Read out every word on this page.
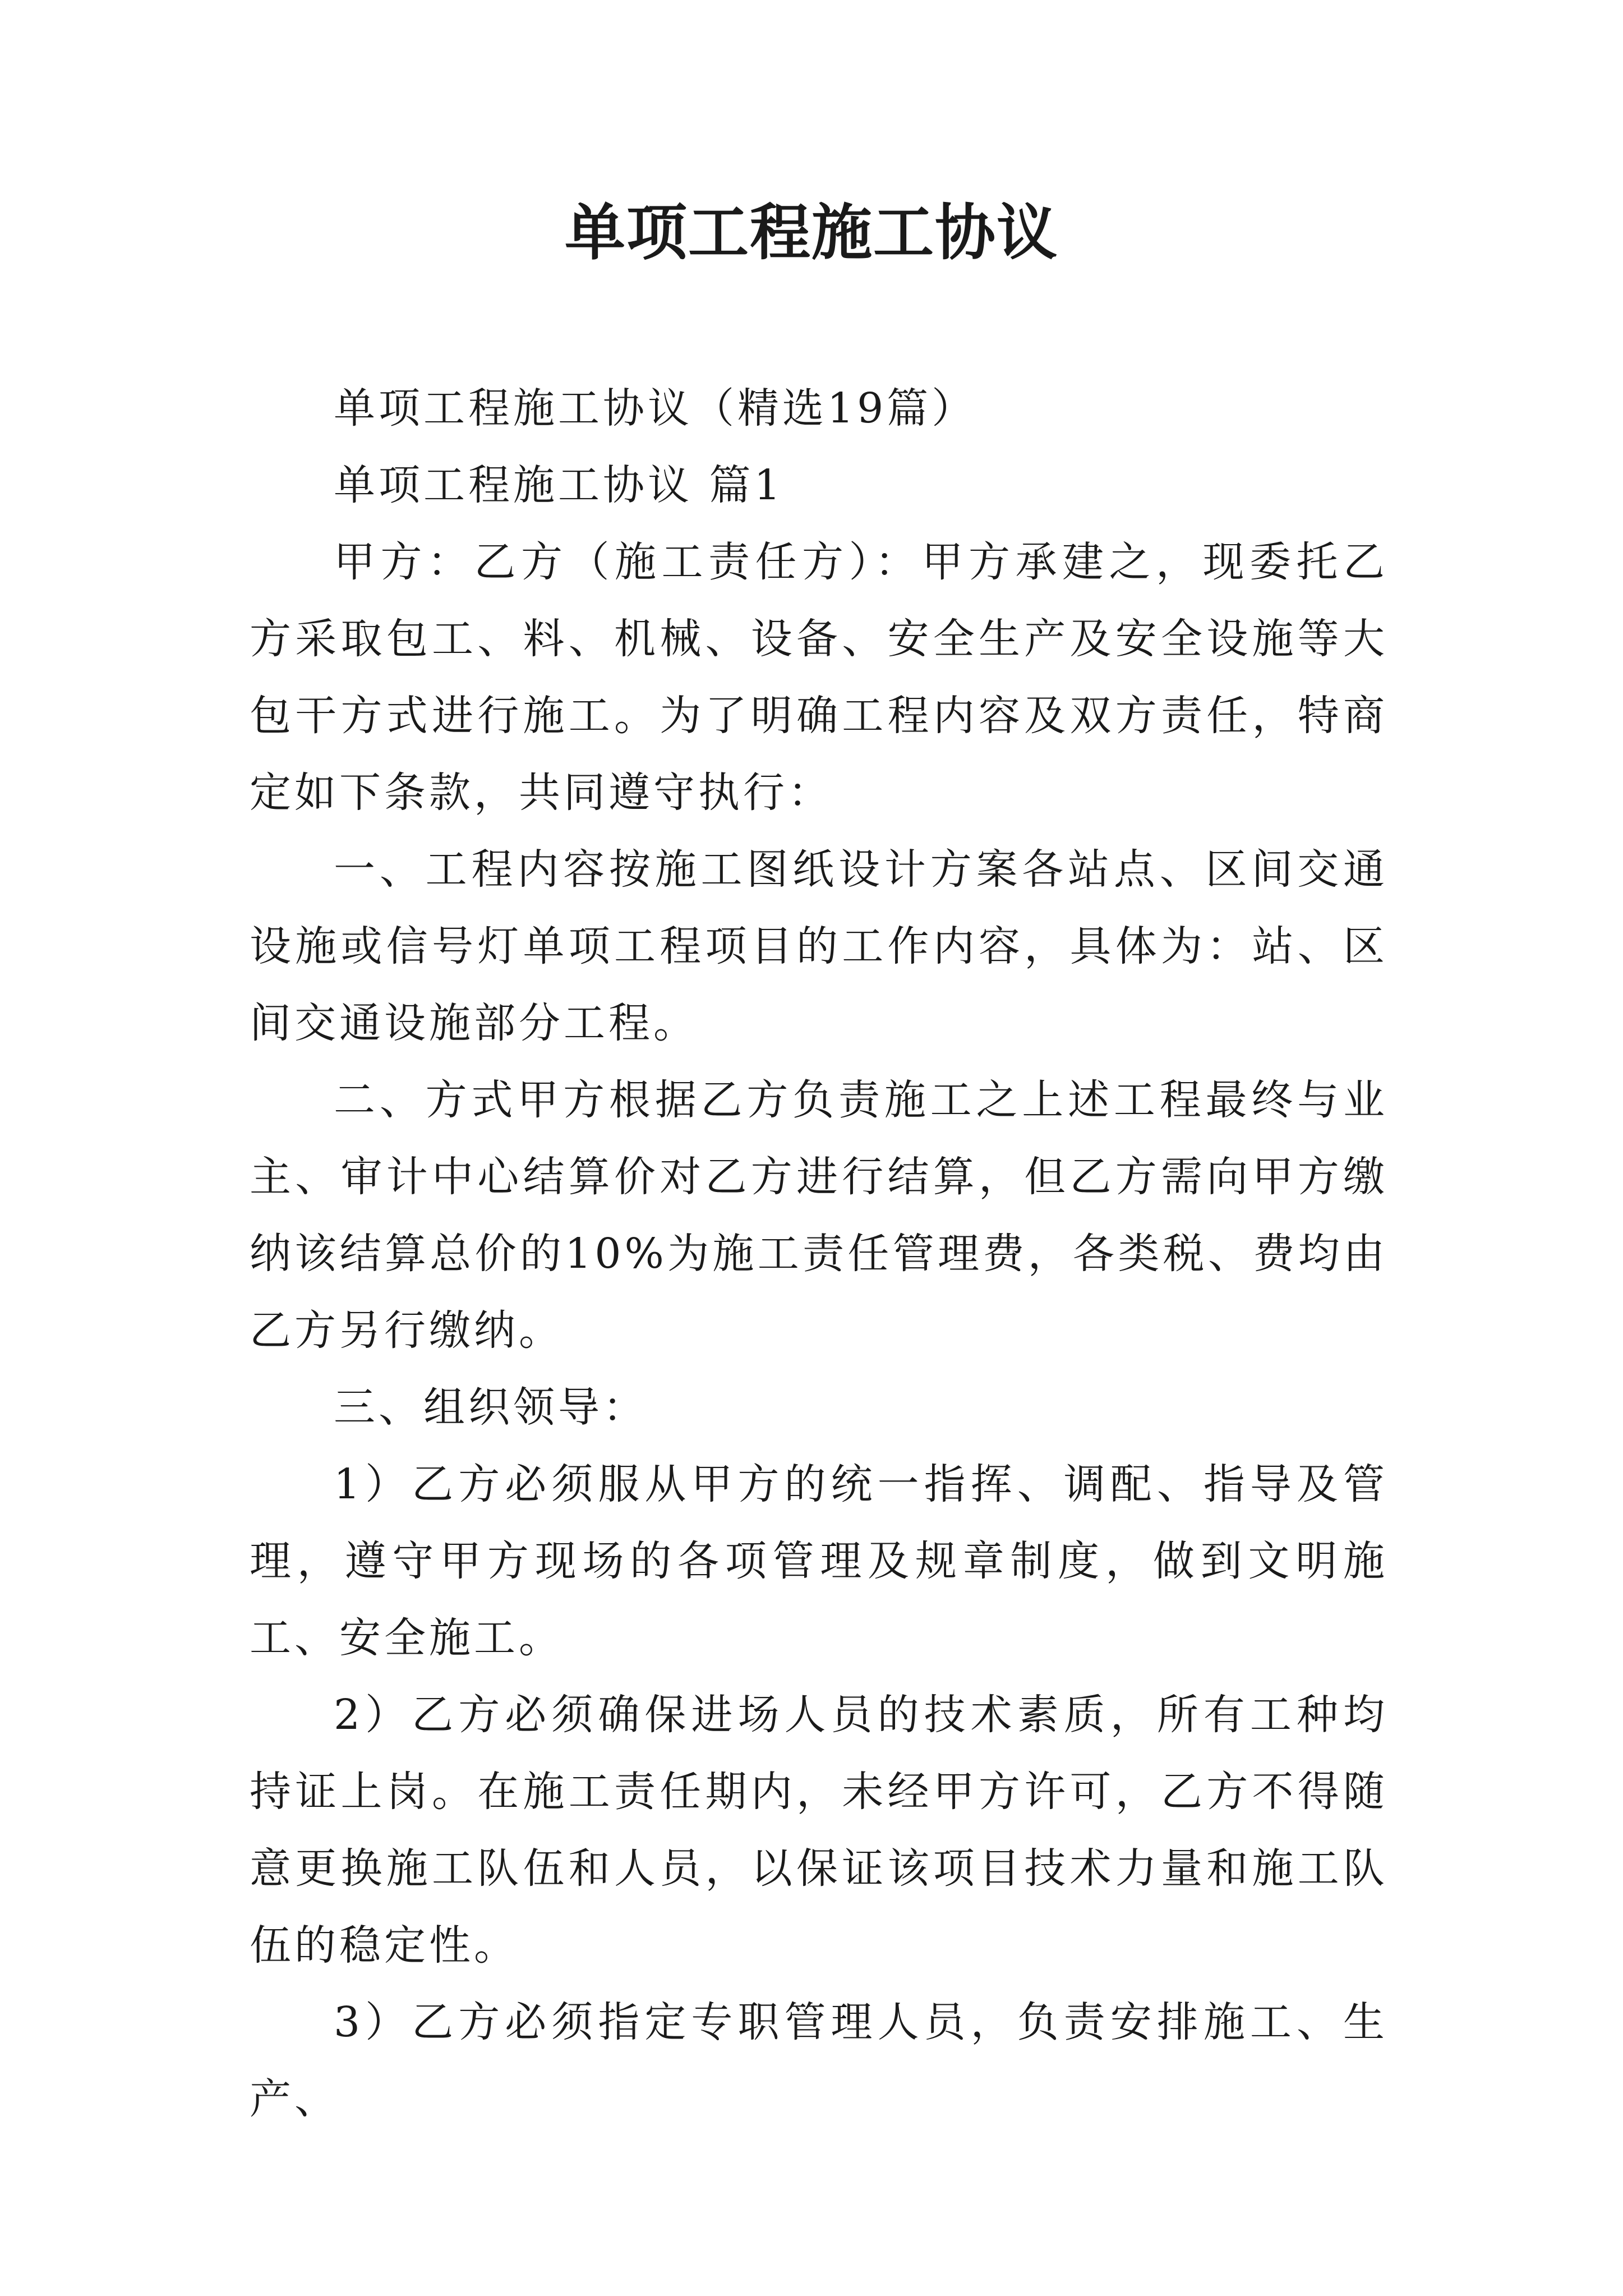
单项工程施工协议

单项工程施工协议（精选19篇）

单项工程施工协议 篇1

甲方：乙方（施工责任方）：甲方承建之，现委托乙方采取包工、料、机械、设备、安全生产及安全设施等大包干方式进行施工。为了明确工程内容及双方责任，特商定如下条款，共同遵守执行：

一、工程内容按施工图纸设计方案各站点、区间交通设施或信号灯单项工程项目的工作内容，具体为：站、区间交通设施部分工程。

二、方式甲方根据乙方负责施工之上述工程最终与业主、审计中心结算价对乙方进行结算，但乙方需向甲方缴纳该结算总价的10%为施工责任管理费，各类税、费均由乙方另行缴纳。

三、组织领导：

1）乙方必须服从甲方的统一指挥、调配、指导及管理，遵守甲方现场的各项管理及规章制度，做到文明施工、安全施工。

2）乙方必须确保进场人员的技术素质，所有工种均持证上岗。在施工责任期内，未经甲方许可，乙方不得随意更换施工队伍和人员，以保证该项目技术力量和施工队伍的稳定性。

3）乙方必须指定专职管理人员，负责安排施工、生产、
